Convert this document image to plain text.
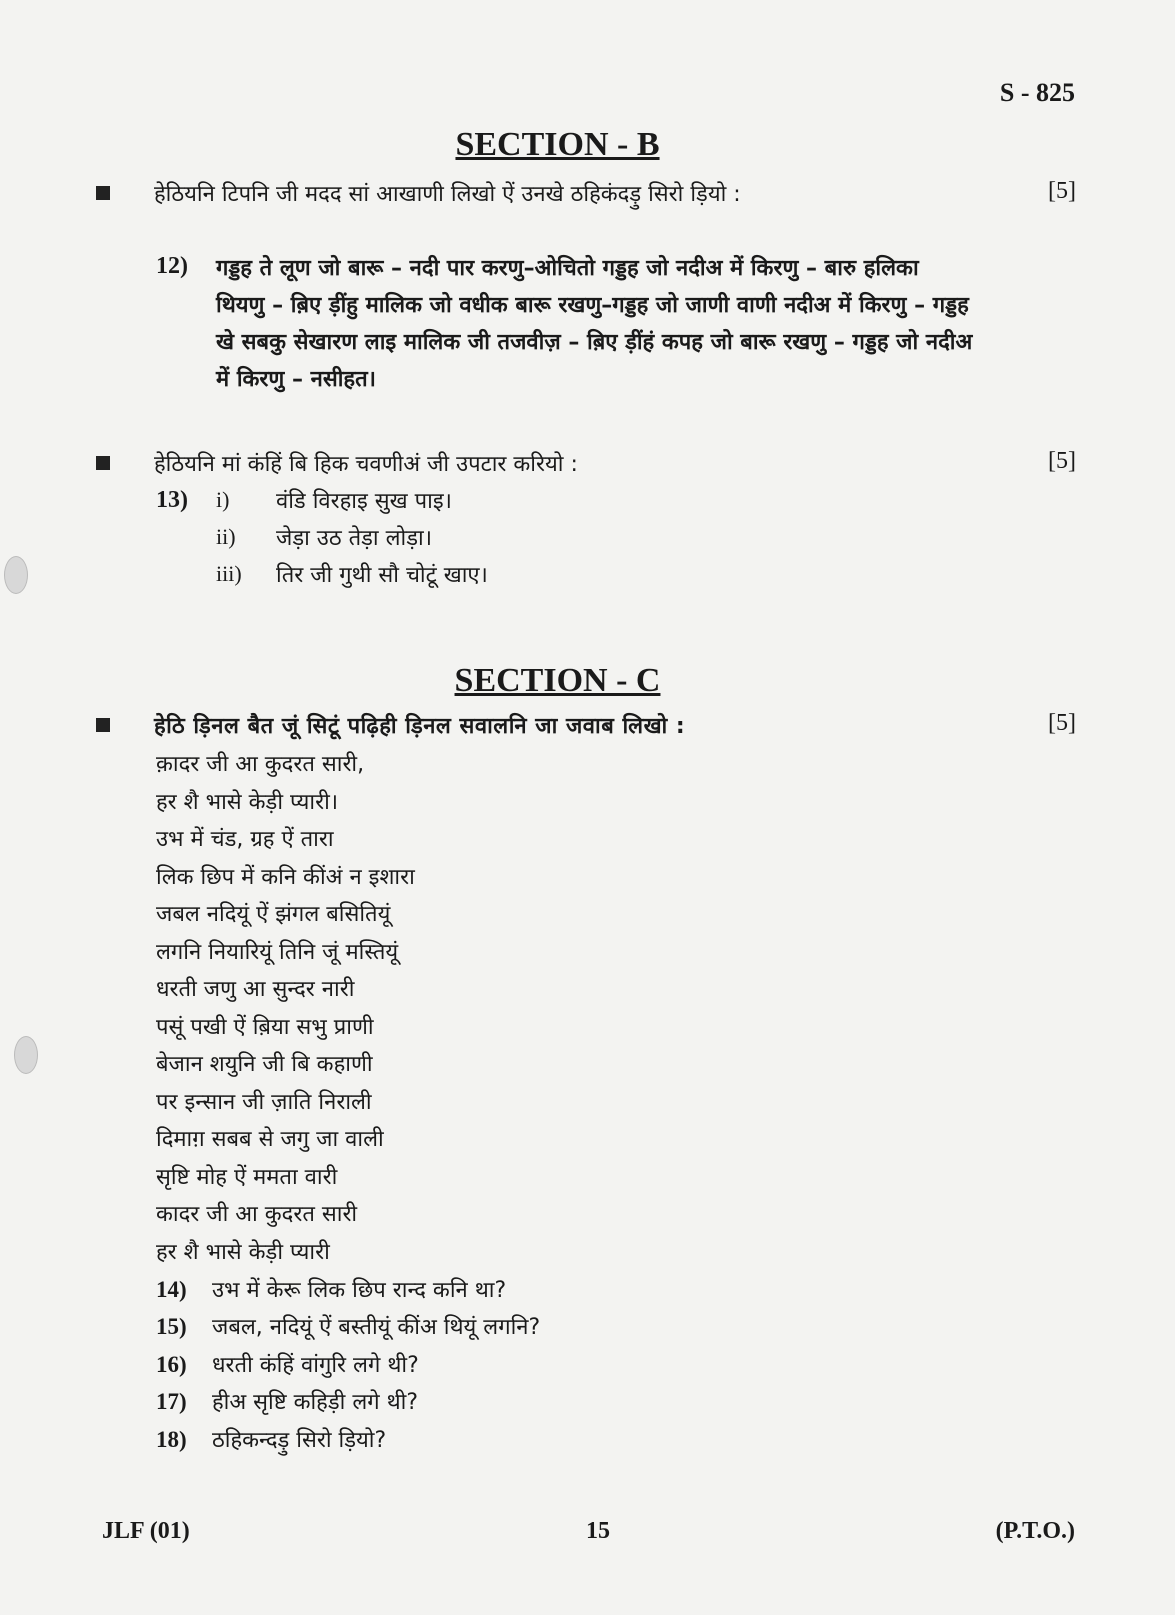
S - 825
SECTION - B
हेठियनि टिपनि जी मदद सां आखाणी लिखो ऐं उनखे ठहिकंदड़ु सिरो ड़ियो :	[5]
12) गड्डह ते लूण जो बारू – नदी पार करणु–ओचितो गड्डह जो नदीअ में किरणु – बारु हलिका
थियणु – ब़िए ड़ींहु मालिक जो वधीक बारू रखणु–गड्डह जो जाणी वाणी नदीअ में किरणु – गड्डह
खे सबकु सेखारण लाइ मालिक जी तजवीज़ – ब़िए ड़ींहं कपह जो बारू रखणु – गड्डह जो नदीअ
में किरणु – नसीहत।
हेठियनि मां कंहिं बि हिक चवणीअं जी उपटार करियो :	[5]
13) i) वंडि विरहाइ सुख पाइ।
ii) जेड़ा उठ तेड़ा लोड़ा।
iii) तिर जी गुथी सौ चोटूं खाए।
SECTION - C
हेठि ड़िनल बैत जूं सिटूं पढ़िही ड़िनल सवालनि जा जवाब लिखो :	[5]
क़ादर जी आ कुदरत सारी,
हर शै भासे केड़ी प्यारी।
उभ में चंड, ग्रह ऐं तारा
लिक छिप में कनि कींअं न इशारा
जबल नदियूं ऐं झंगल बसितियूं
लगनि नियारियूं तिनि जूं मस्तियूं
धरती जणु आ सुन्दर नारी
पसूं पखी ऐं ब़िया सभु प्राणी
बेजान शयुनि जी बि कहाणी
पर इन्सान जी ज़ाति निराली
दिमाग़ सबब से जगु जा वाली
सृष्टि मोह ऐं ममता वारी
कादर जी आ कुदरत सारी
हर शै भासे केड़ी प्यारी
14) उभ में केरू लिक छिप रान्द कनि था?
15) जबल, नदियूं ऐं बस्तीयूं कींअ थियूं लगनि?
16) धरती कंहिं वांगुरि लगे थी?
17) हीअ सृष्टि कहिड़ी लगे थी?
18) ठहिकन्दड़ु सिरो ड़ियो?
JLF (01)	15	(P.T.O.)
